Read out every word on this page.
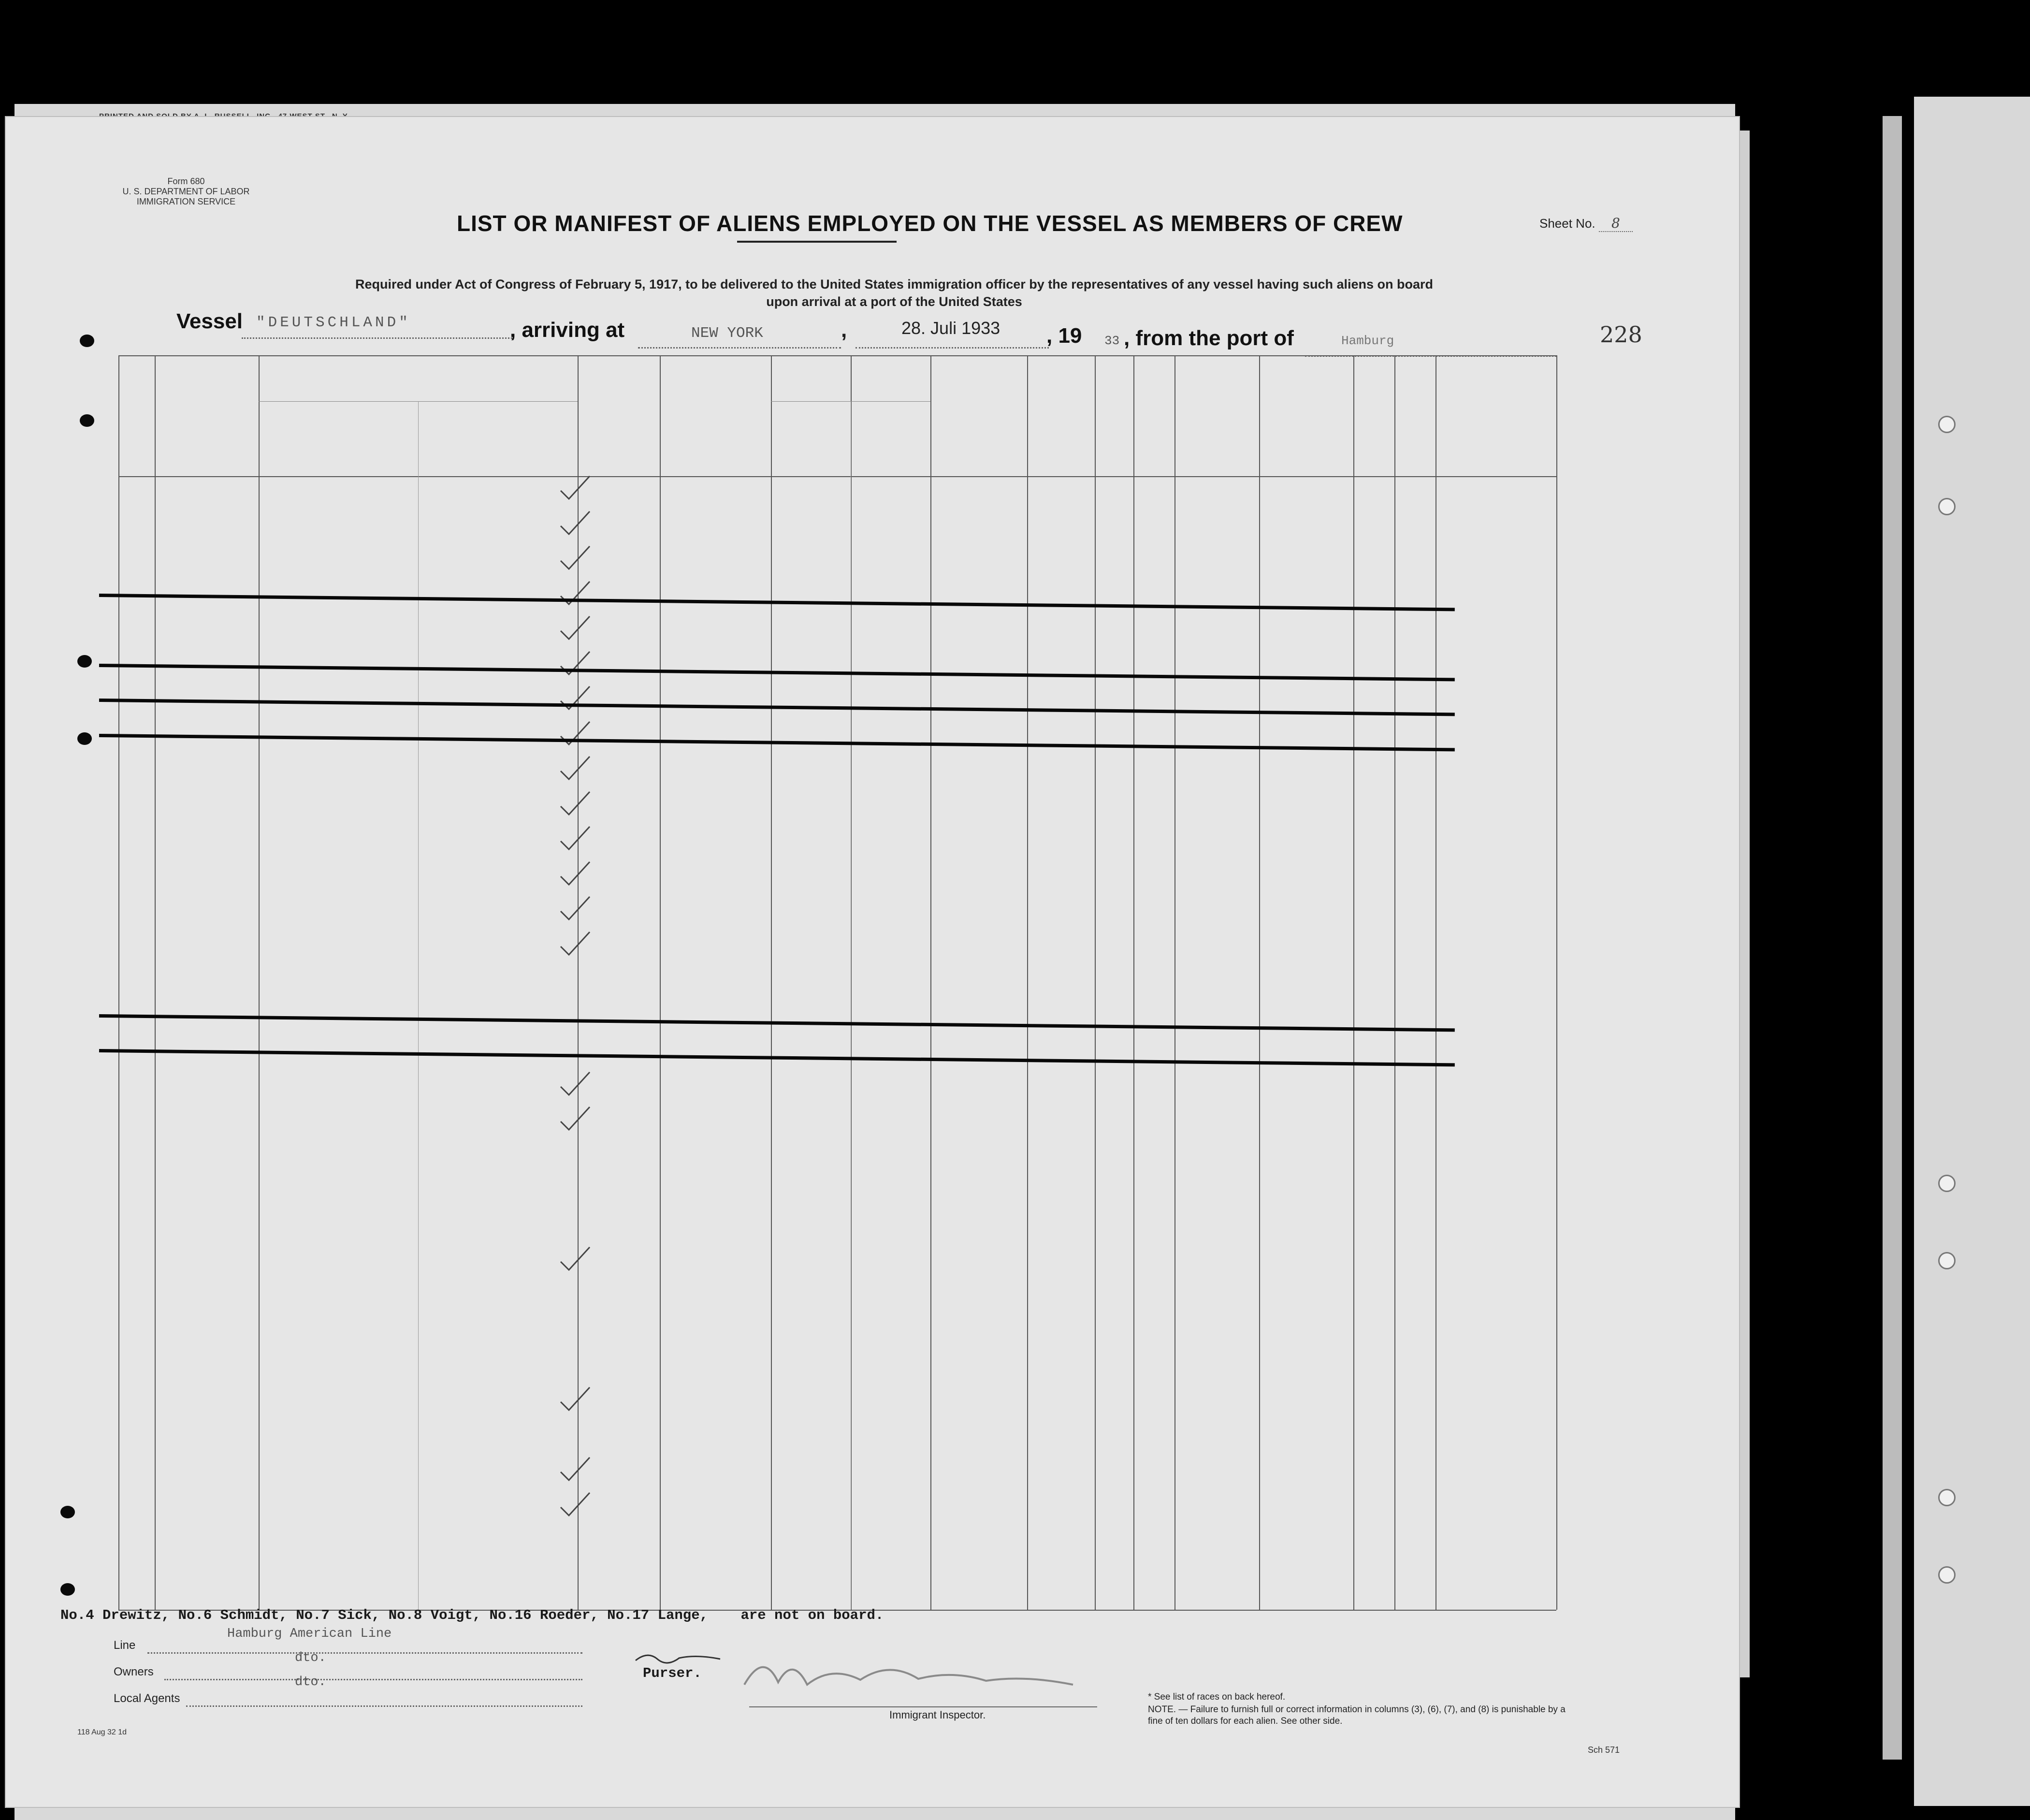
Form 680
U. S. DEPARTMENT OF LABOR
IMMIGRATION SERVICE
LIST OR MANIFEST OF ALIENS EMPLOYED ON THE VESSEL AS MEMBERS OF CREW	Sheet No. 8
Required under Act of Congress of February 5, 1917, to be delivered to the United States immigration officer by the representatives of any vessel having such aliens on board
upon arrival at a port of the United States
Vessel "DEUTSCHLAND"	, arriving at	NEW YORK	,	28. Juli 1933 , 19 33 , from the port of	Hamburg	228
No.4 Drewitz, No.6 Schmidt, No.7 Sick, No.8 Voigt, No.16 Roeder, No.17 Lange, are not on board.
Line
Hamburg American Line
Owners
dto.
Local Agents
dto.
Purser.
Immigrant Inspector.
* See list of races on back hereof.
NOTE. — Failure to furnish full or correct information in columns (3), (6), (7), and (8) is punishable by a fine of ten dollars for each alien. See other side.
118 Aug 32 1d
Sch 571
